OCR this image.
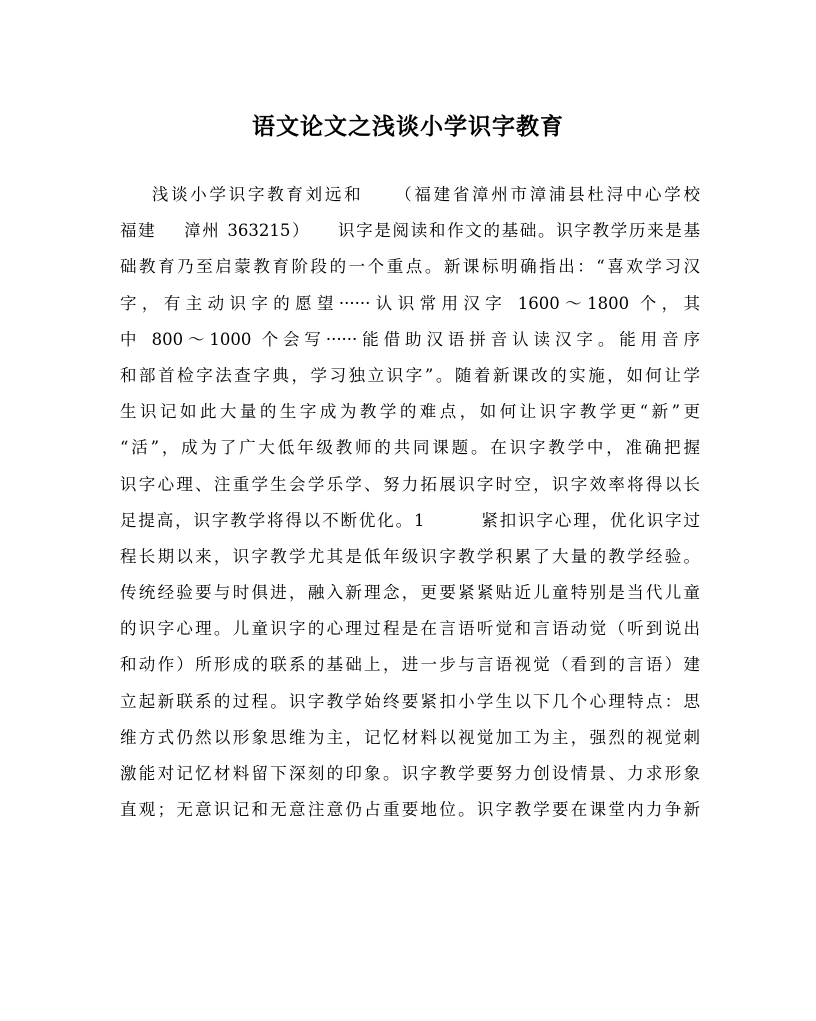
语文论文之浅谈小学识字教育
浅谈小学识字教育刘远和    （福建省漳州市漳浦县杜浔中心学校
福建    漳州 363215）    识字是阅读和作文的基础。识字教学历来是基
础教育乃至启蒙教育阶段的一个重点。新课标明确指出：“喜欢学习汉
字，有主动识字的愿望······认识常用汉字 1600～1800 个，其
中 800～1000 个会写······能借助汉语拼音认读汉字。能用音序
和部首检字法查字典，学习独立识字”。随着新课改的实施，如何让学
生识记如此大量的生字成为教学的难点，如何让识字教学更“新”更
“活”，成为了广大低年级教师的共同课题。在识字教学中，准确把握
识字心理、注重学生会学乐学、努力拓展识字时空，识字效率将得以长
足提高，识字教学将得以不断优化。1        紧扣识字心理，优化识字过
程长期以来，识字教学尤其是低年级识字教学积累了大量的教学经验。
传统经验要与时俱进，融入新理念，更要紧紧贴近儿童特别是当代儿童
的识字心理。儿童识字的心理过程是在言语听觉和言语动觉（听到说出
和动作）所形成的联系的基础上，进一步与言语视觉（看到的言语）建
立起新联系的过程。识字教学始终要紧扣小学生以下几个心理特点：思
维方式仍然以形象思维为主，记忆材料以视觉加工为主，强烈的视觉刺
激能对记忆材料留下深刻的印象。识字教学要努力创设情景、力求形象
直观；无意识记和无意注意仍占重要地位。识字教学要在课堂内力争新
